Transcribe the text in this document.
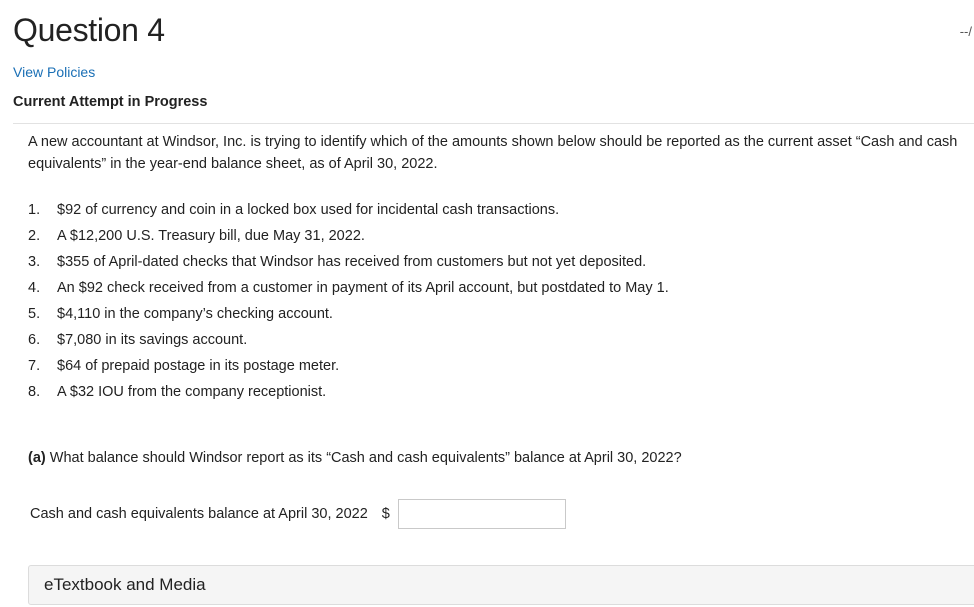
Question 4	--/
View Policies
Current Attempt in Progress
A new accountant at Windsor, Inc. is trying to identify which of the amounts shown below should be reported as the current asset “Cash and cash equivalents” in the year-end balance sheet, as of April 30, 2022.
1. $92 of currency and coin in a locked box used for incidental cash transactions.
2. A $12,200 U.S. Treasury bill, due May 31, 2022.
3. $355 of April-dated checks that Windsor has received from customers but not yet deposited.
4. An $92 check received from a customer in payment of its April account, but postdated to May 1.
5. $4,110 in the company’s checking account.
6. $7,080 in its savings account.
7. $64 of prepaid postage in its postage meter.
8. A $32 IOU from the company receptionist.
(a) What balance should Windsor report as its “Cash and cash equivalents” balance at April 30, 2022?
Cash and cash equivalents balance at April 30, 2022 $
eTextbook and Media
